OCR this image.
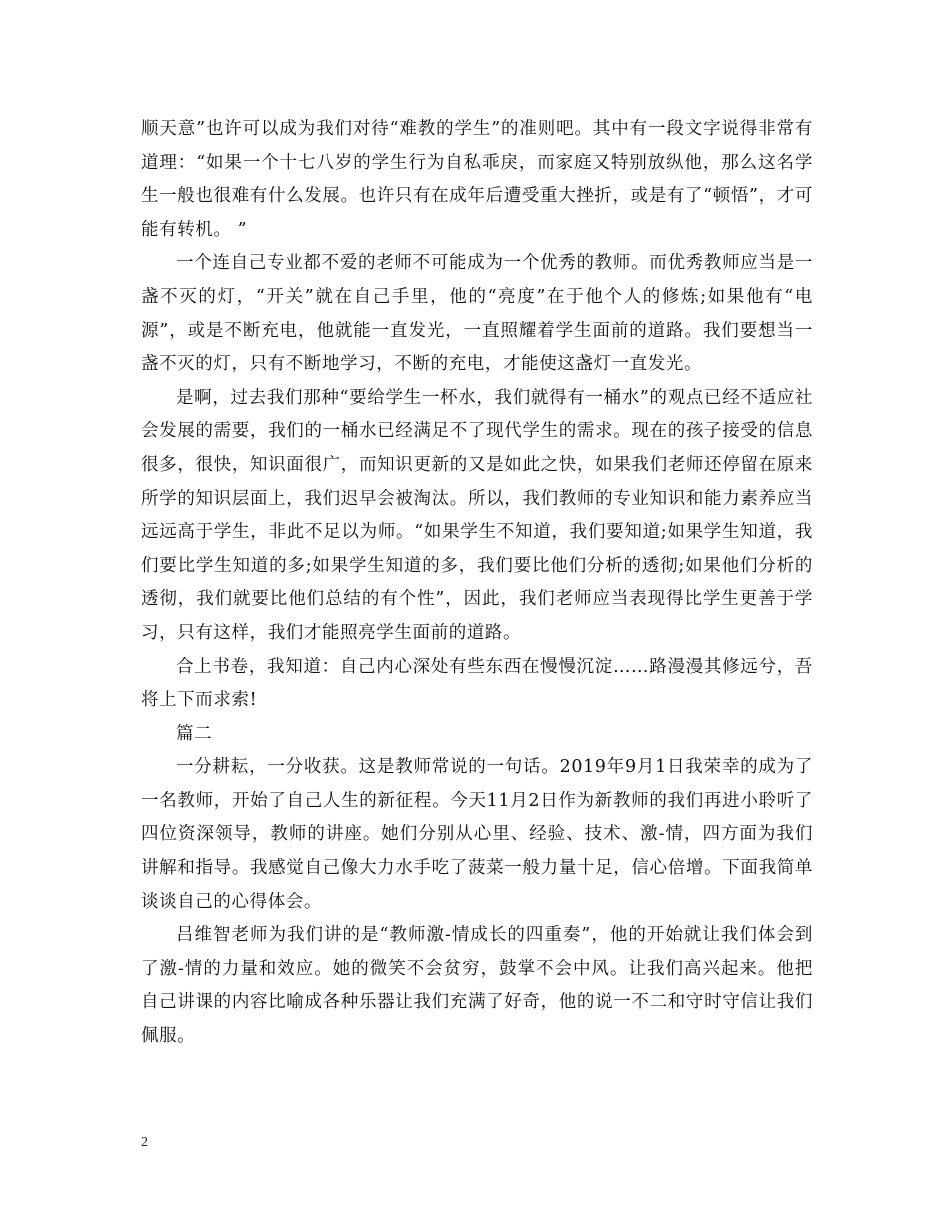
顺天意”也许可以成为我们对待“难教的学生”的准则吧。其中有一段文字说得非常有道理：“如果一个十七八岁的学生行为自私乖戾，而家庭又特别放纵他，那么这名学生一般也很难有什么发展。也许只有在成年后遭受重大挫折，或是有了“顿悟”，才可能有转机。 ”

一个连自己专业都不爱的老师不可能成为一个优秀的教师。而优秀教师应当是一盏不灭的灯，“开关”就在自己手里，他的“亮度”在于他个人的修炼;如果他有“电源”，或是不断充电，他就能一直发光，一直照耀着学生面前的道路。我们要想当一盏不灭的灯，只有不断地学习，不断的充电，才能使这盏灯一直发光。

是啊，过去我们那种“要给学生一杯水，我们就得有一桶水”的观点已经不适应社会发展的需要，我们的一桶水已经满足不了现代学生的需求。现在的孩子接受的信息很多，很快，知识面很广，而知识更新的又是如此之快，如果我们老师还停留在原来所学的知识层面上，我们迟早会被淘汰。所以，我们教师的专业知识和能力素养应当远远高于学生，非此不足以为师。“如果学生不知道，我们要知道;如果学生知道，我们要比学生知道的多;如果学生知道的多，我们要比他们分析的透彻;如果他们分析的透彻，我们就要比他们总结的有个性”，因此，我们老师应当表现得比学生更善于学习，只有这样，我们才能照亮学生面前的道路。

合上书卷，我知道：自己内心深处有些东西在慢慢沉淀……路漫漫其修远兮，吾将上下而求索!

篇二

一分耕耘，一分收获。这是教师常说的一句话。2019年9月1日我荣幸的成为了一名教师，开始了自己人生的新征程。今天11月2日作为新教师的我们再进小聆听了四位资深领导，教师的讲座。她们分别从心里、经验、技术、激-情，四方面为我们讲解和指导。我感觉自己像大力水手吃了菠菜一般力量十足，信心倍增。下面我简单谈谈自己的心得体会。

吕维智老师为我们讲的是“教师激-情成长的四重奏”，他的开始就让我们体会到了激-情的力量和效应。她的微笑不会贫穷，鼓掌不会中风。让我们高兴起来。他把自己讲课的内容比喻成各种乐器让我们充满了好奇，他的说一不二和守时守信让我们佩服。

2
